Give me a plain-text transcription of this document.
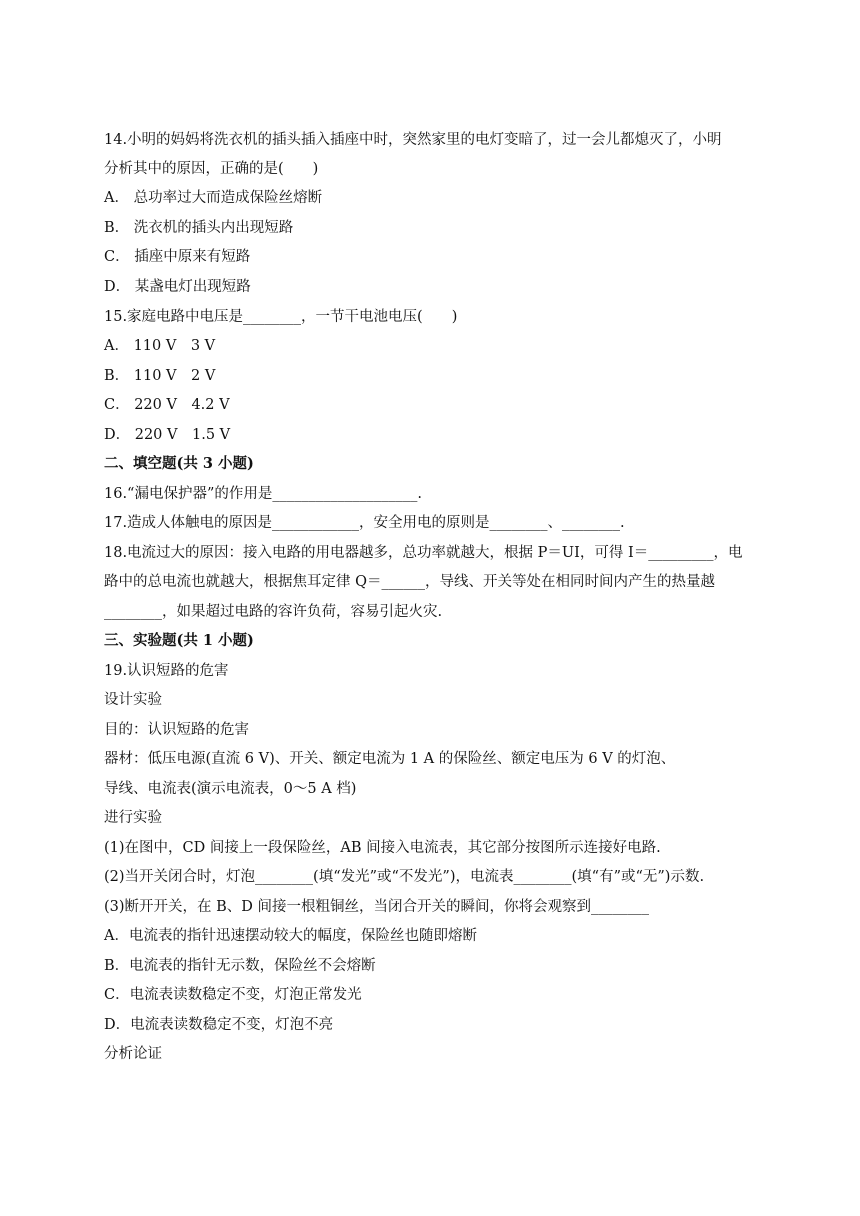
14.小明的妈妈将洗衣机的插头插入插座中时，突然家里的电灯变暗了，过一会儿都熄灭了，小明
分析其中的原因，正确的是(　　)
A． 总功率过大而造成保险丝熔断
B． 洗衣机的插头内出现短路
C． 插座中原来有短路
D． 某盏电灯出现短路
15.家庭电路中电压是________，一节干电池电压(　　)
A． 110 V　3 V
B． 110 V　2 V
C． 220 V　4.2 V
D． 220 V　1.5 V
二、填空题(共 3 小题)
16.“漏电保护器”的作用是____________________.
17.造成人体触电的原因是____________，安全用电的原则是________、________.
18.电流过大的原因：接入电路的用电器越多，总功率就越大，根据 P＝UI，可得 I＝_________，电
路中的总电流也就越大，根据焦耳定律 Q＝______，导线、开关等处在相同时间内产生的热量越
________，如果超过电路的容许负荷，容易引起火灾.
三、实验题(共 1 小题)
19.认识短路的危害
设计实验
目的：认识短路的危害
器材：低压电源(直流 6 V)、开关、额定电流为 1 A 的保险丝、额定电压为 6 V 的灯泡、
导线、电流表(演示电流表，0～5 A 档)
进行实验
(1)在图中，CD 间接上一段保险丝，AB 间接入电流表，其它部分按图所示连接好电路.
(2)当开关闭合时，灯泡________(填“发光”或“不发光”)，电流表________(填“有”或“无”)示数.
(3)断开开关，在 B、D 间接一根粗铜丝，当闭合开关的瞬间，你将会观察到________
A．电流表的指针迅速摆动较大的幅度，保险丝也随即熔断
B．电流表的指针无示数，保险丝不会熔断
C．电流表读数稳定不变，灯泡正常发光
D．电流表读数稳定不变，灯泡不亮
分析论证
